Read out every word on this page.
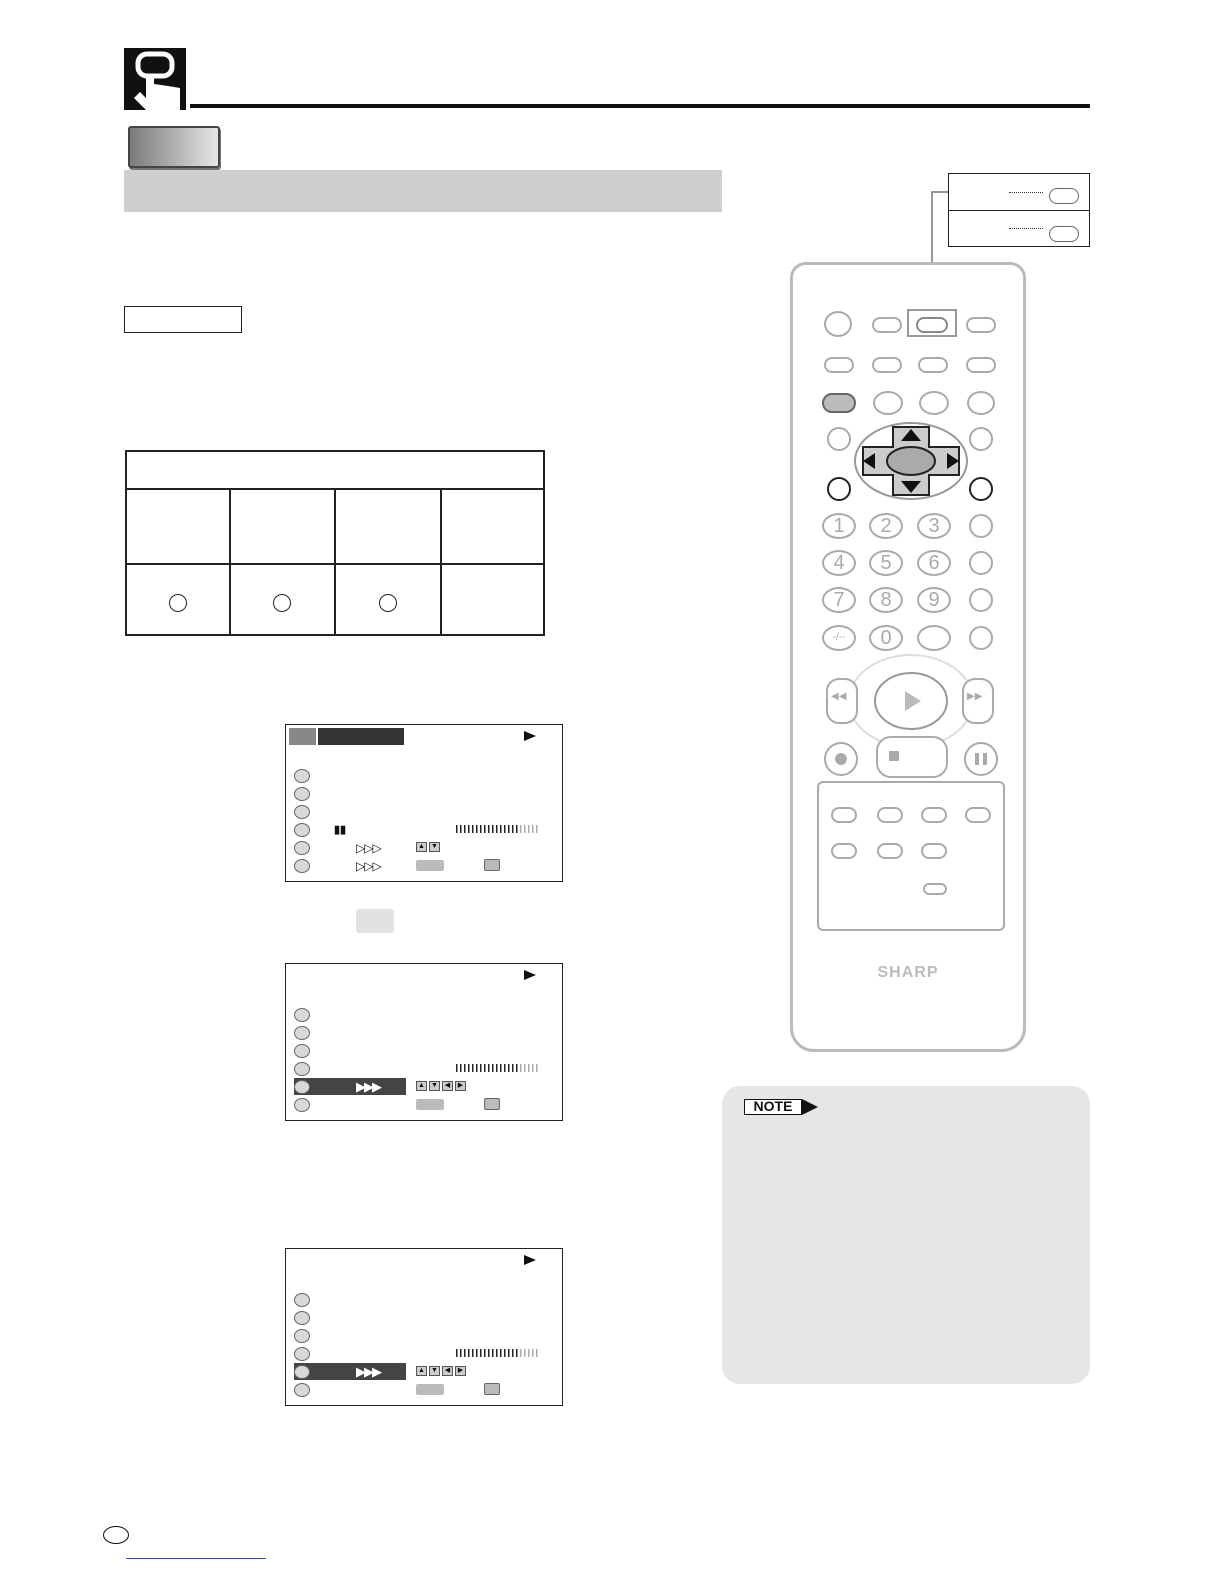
▮▮
▷▷▷	▲ ▼
▷▷▷
▶▶▶	▲ ▼ ◀	▶
▶▶▶	▲ ▼ ◀	▶
1	2	3
4	5	6
7	8	9
-/--	0
◀◀	▶▶
SHARP
NOTE
